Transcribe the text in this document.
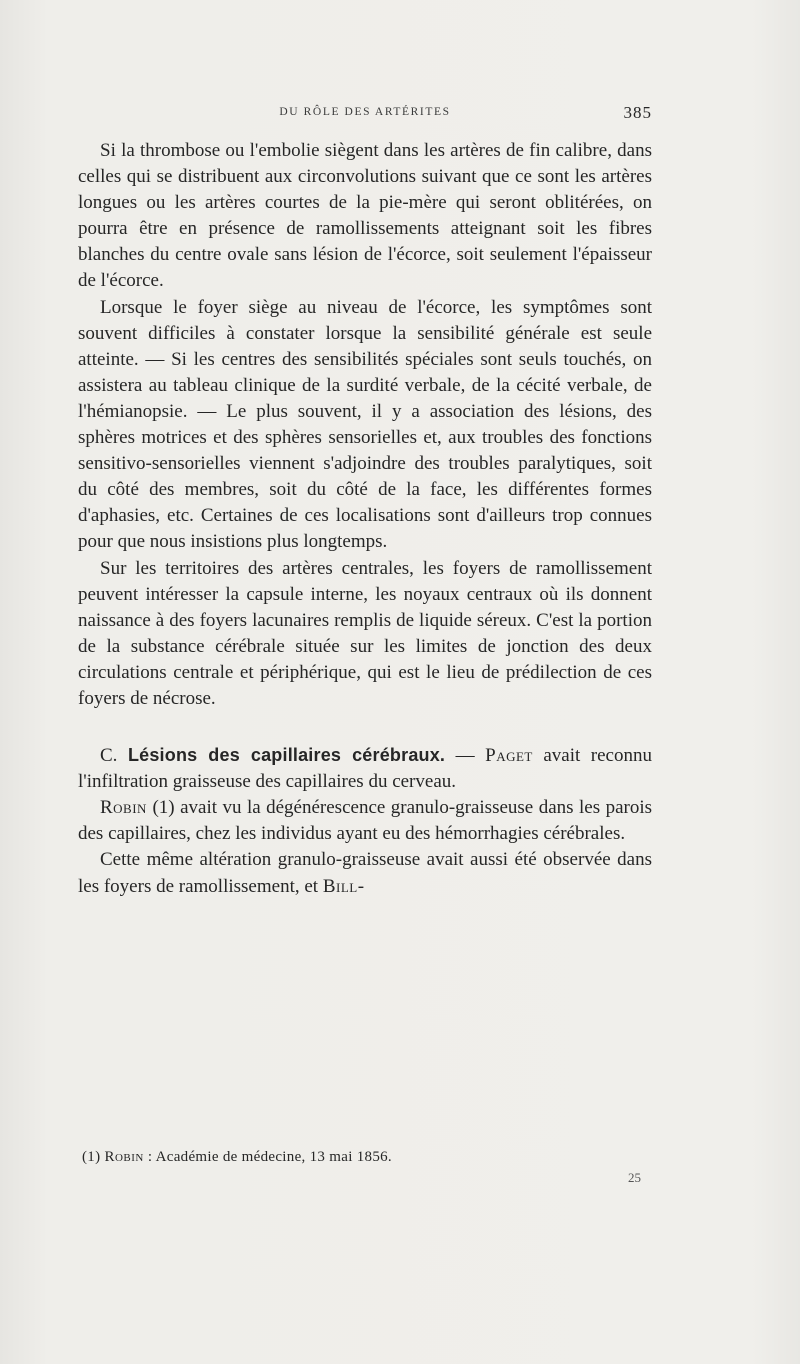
DU RÔLE DES ARTÉRITES	385

Si la thrombose ou l'embolie siègent dans les artères de fin calibre, dans celles qui se distribuent aux circonvolutions suivant que ce sont les artères longues ou les artères courtes de la pie-mère qui seront oblitérées, on pourra être en présence de ramollissements atteignant soit les fibres blanches du centre ovale sans lésion de l'écorce, soit seulement l'épaisseur de l'écorce.

Lorsque le foyer siège au niveau de l'écorce, les symptômes sont souvent difficiles à constater lorsque la sensibilité générale est seule atteinte. — Si les centres des sensibilités spéciales sont seuls touchés, on assistera au tableau clinique de la surdité verbale, de la cécité verbale, de l'hémianopsie. — Le plus souvent, il y a association des lésions, des sphères motrices et des sphères sensorielles et, aux troubles des fonctions sensitivo-sensorielles viennent s'adjoindre des troubles paralytiques, soit du côté des membres, soit du côté de la face, les différentes formes d'aphasies, etc. Certaines de ces localisations sont d'ailleurs trop connues pour que nous insistions plus longtemps.

Sur les territoires des artères centrales, les foyers de ramollissement peuvent intéresser la capsule interne, les noyaux centraux où ils donnent naissance à des foyers lacunaires remplis de liquide séreux. C'est la portion de la substance cérébrale située sur les limites de jonction des deux circulations centrale et périphérique, qui est le lieu de prédilection de ces foyers de nécrose.

C. Lésions des capillaires cérébraux. — Paget avait reconnu l'infiltration graisseuse des capillaires du cerveau.

Robin (1) avait vu la dégénérescence granulo-graisseuse dans les parois des capillaires, chez les individus ayant eu des hémorrhagies cérébrales.

Cette même altération granulo-graisseuse avait aussi été observée dans les foyers de ramollissement, et Bill-

(1) Robin : Académie de médecine, 13 mai 1856.
25
